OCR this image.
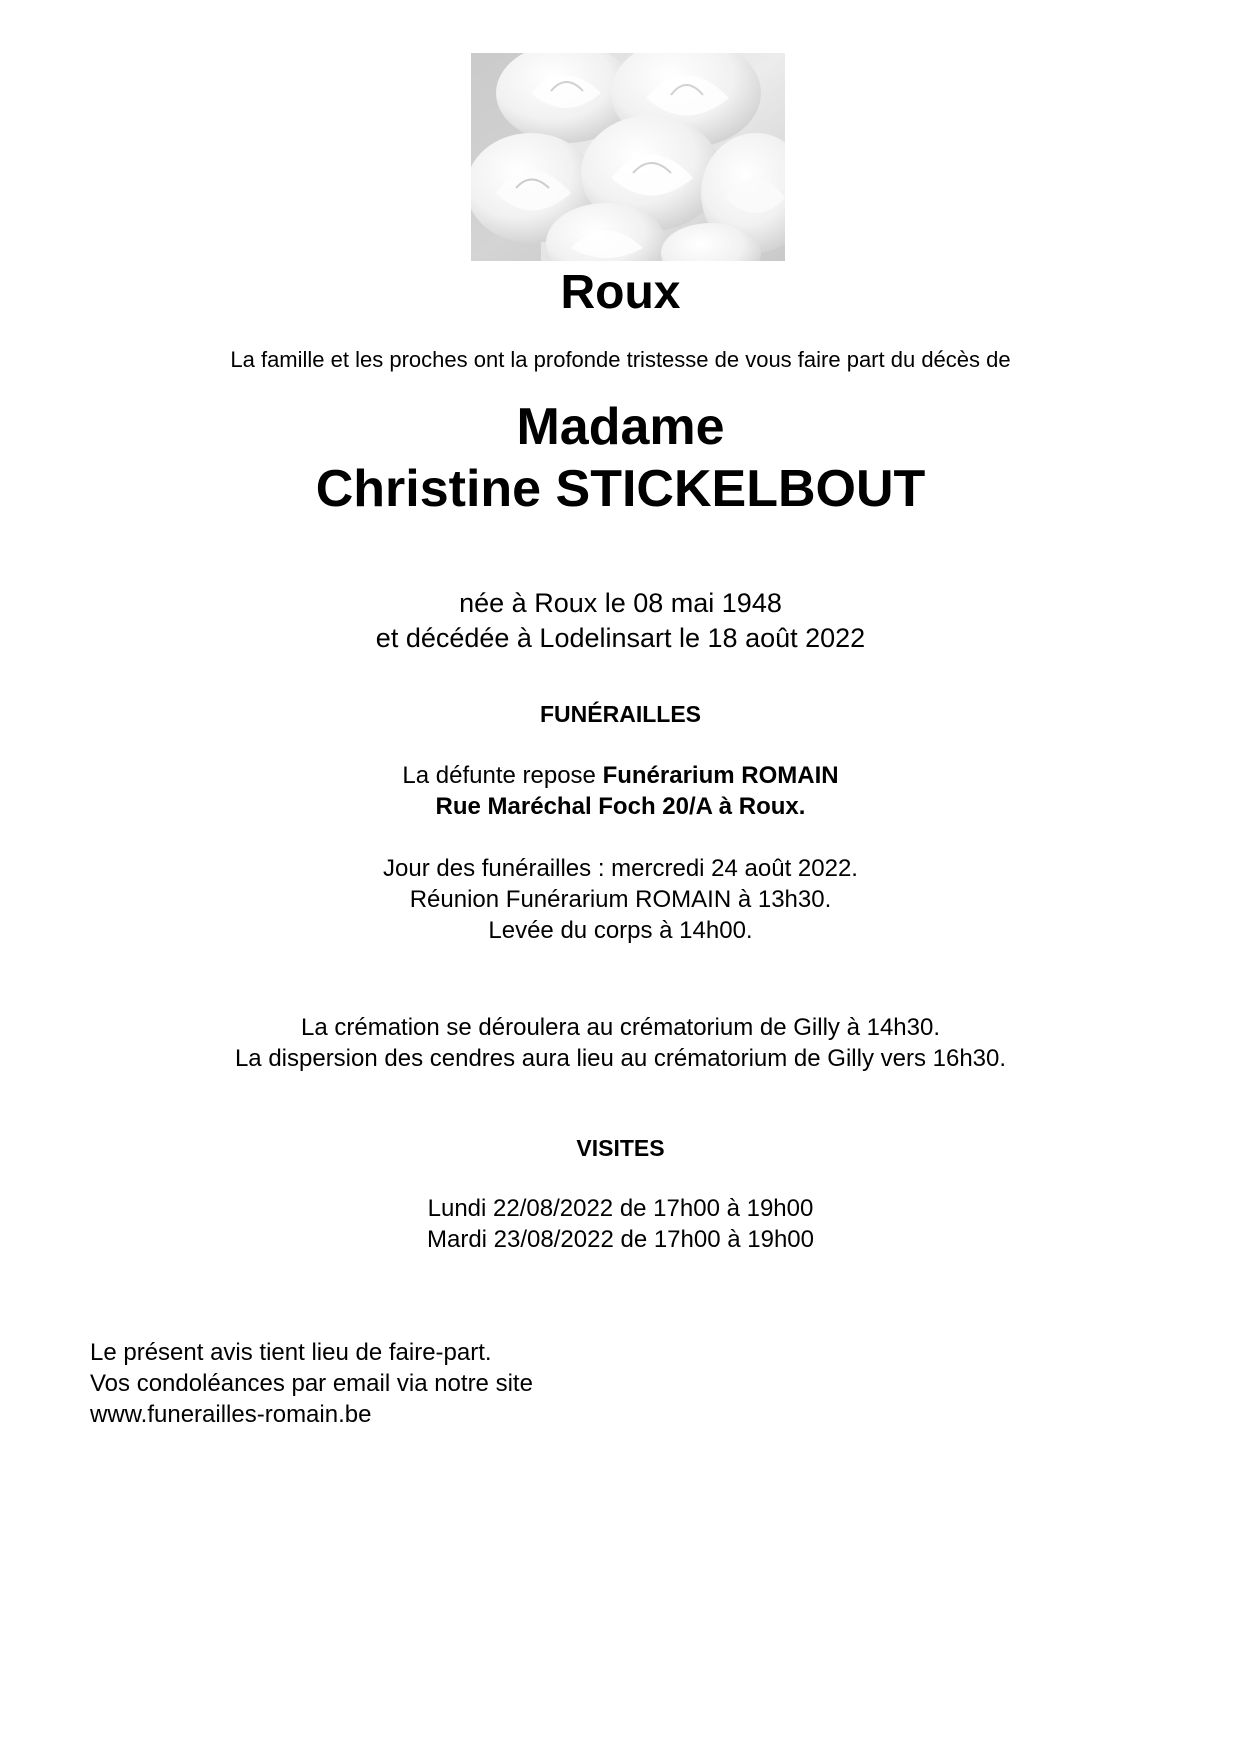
Roux
La famille et les proches ont la profonde tristesse de vous faire part du décès de
Madame
Christine STICKELBOUT
née à Roux le 08 mai 1948
et décédée à Lodelinsart le 18 août 2022
FUNÉRAILLES
La défunte repose Funérarium ROMAIN
Rue Maréchal Foch 20/A à Roux.
Jour des funérailles : mercredi 24 août 2022.
Réunion Funérarium ROMAIN à 13h30.
Levée du corps à 14h00.
La crémation se déroulera au crématorium de Gilly à 14h30.
La dispersion des cendres aura lieu au crématorium de Gilly vers 16h30.
VISITES
Lundi 22/08/2022 de 17h00 à 19h00
Mardi 23/08/2022 de 17h00 à 19h00
Le présent avis tient lieu de faire-part.
Vos condoléances par email via notre site
www.funerailles-romain.be
